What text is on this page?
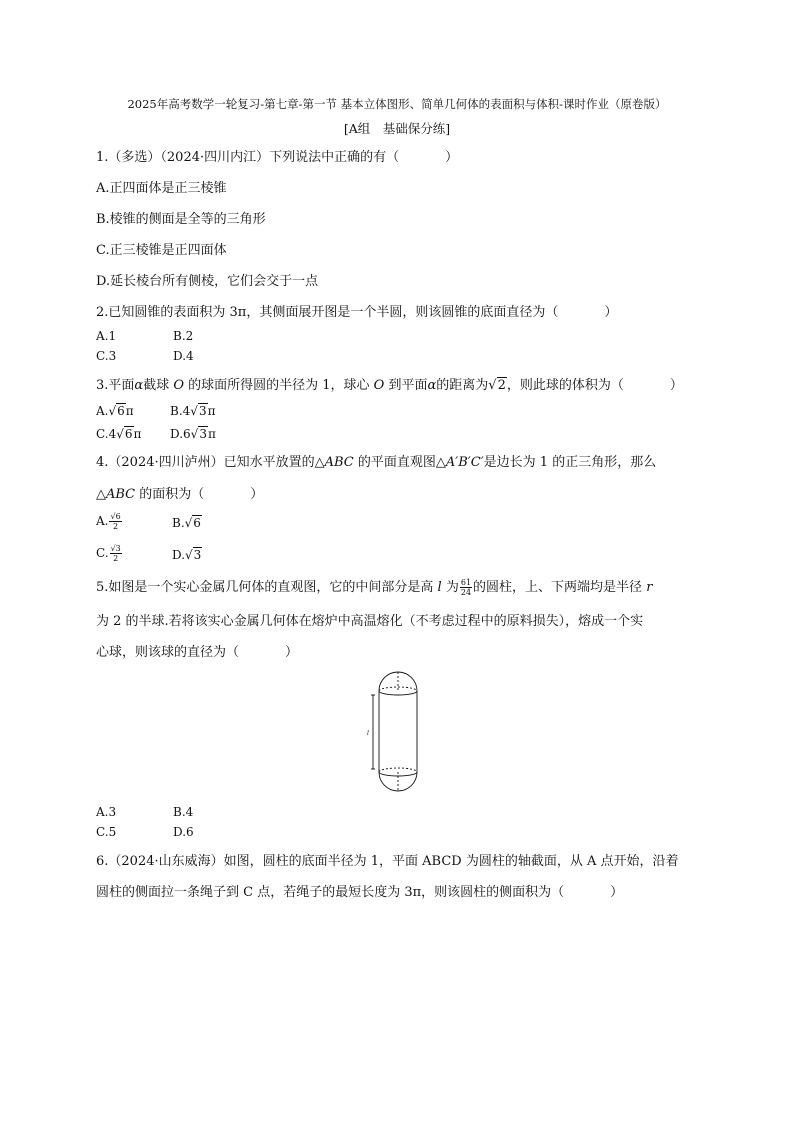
2025年高考数学一轮复习-第七章-第一节 基本立体图形、简单几何体的表面积与体积-课时作业（原卷版）
[A组　基础保分练]
1.（多选）（2024·四川内江）下列说法中正确的有（	）
A.正四面体是正三棱锥
B.棱锥的侧面是全等的三角形
C.正三棱锥是正四面体
D.延长棱台所有侧棱，它们会交于一点
2.已知圆锥的表面积为 3π，其侧面展开图是一个半圆，则该圆锥的底面直径为（	）
A.1	B.2
C.3	D.4
3.平面α截球 O 的球面所得圆的半径为 1，球心 O 到平面α的距离为√2，则此球的体积为（	）
A.√6π	B.4√3π
C.4√6π D.6√3π
4.（2024·四川泸州）已知水平放置的△ABC 的平面直观图△A′B′C′是边长为 1 的正三角形，那么
△ABC 的面积为（	）
A. $\frac{√6}{2}$	B.√6
C. $\frac{√3}{2}$	D.√3
5.如图是一个实心金属几何体的直观图，它的中间部分是高 l 为 $\frac{61}{24}$ 的圆柱，上、下两端均是半径 r
为 2 的半球.若将该实心金属几何体在熔炉中高温熔化（不考虑过程中的原料损失），熔成一个实
心球，则该球的直径为（	）
l
A.3	B.4
C.5	D.6
6.（2024·山东威海）如图，圆柱的底面半径为 1，平面 ABCD 为圆柱的轴截面，从 A 点开始，沿着
圆柱的侧面拉一条绳子到 C 点，若绳子的最短长度为 3π，则该圆柱的侧面积为（	）
